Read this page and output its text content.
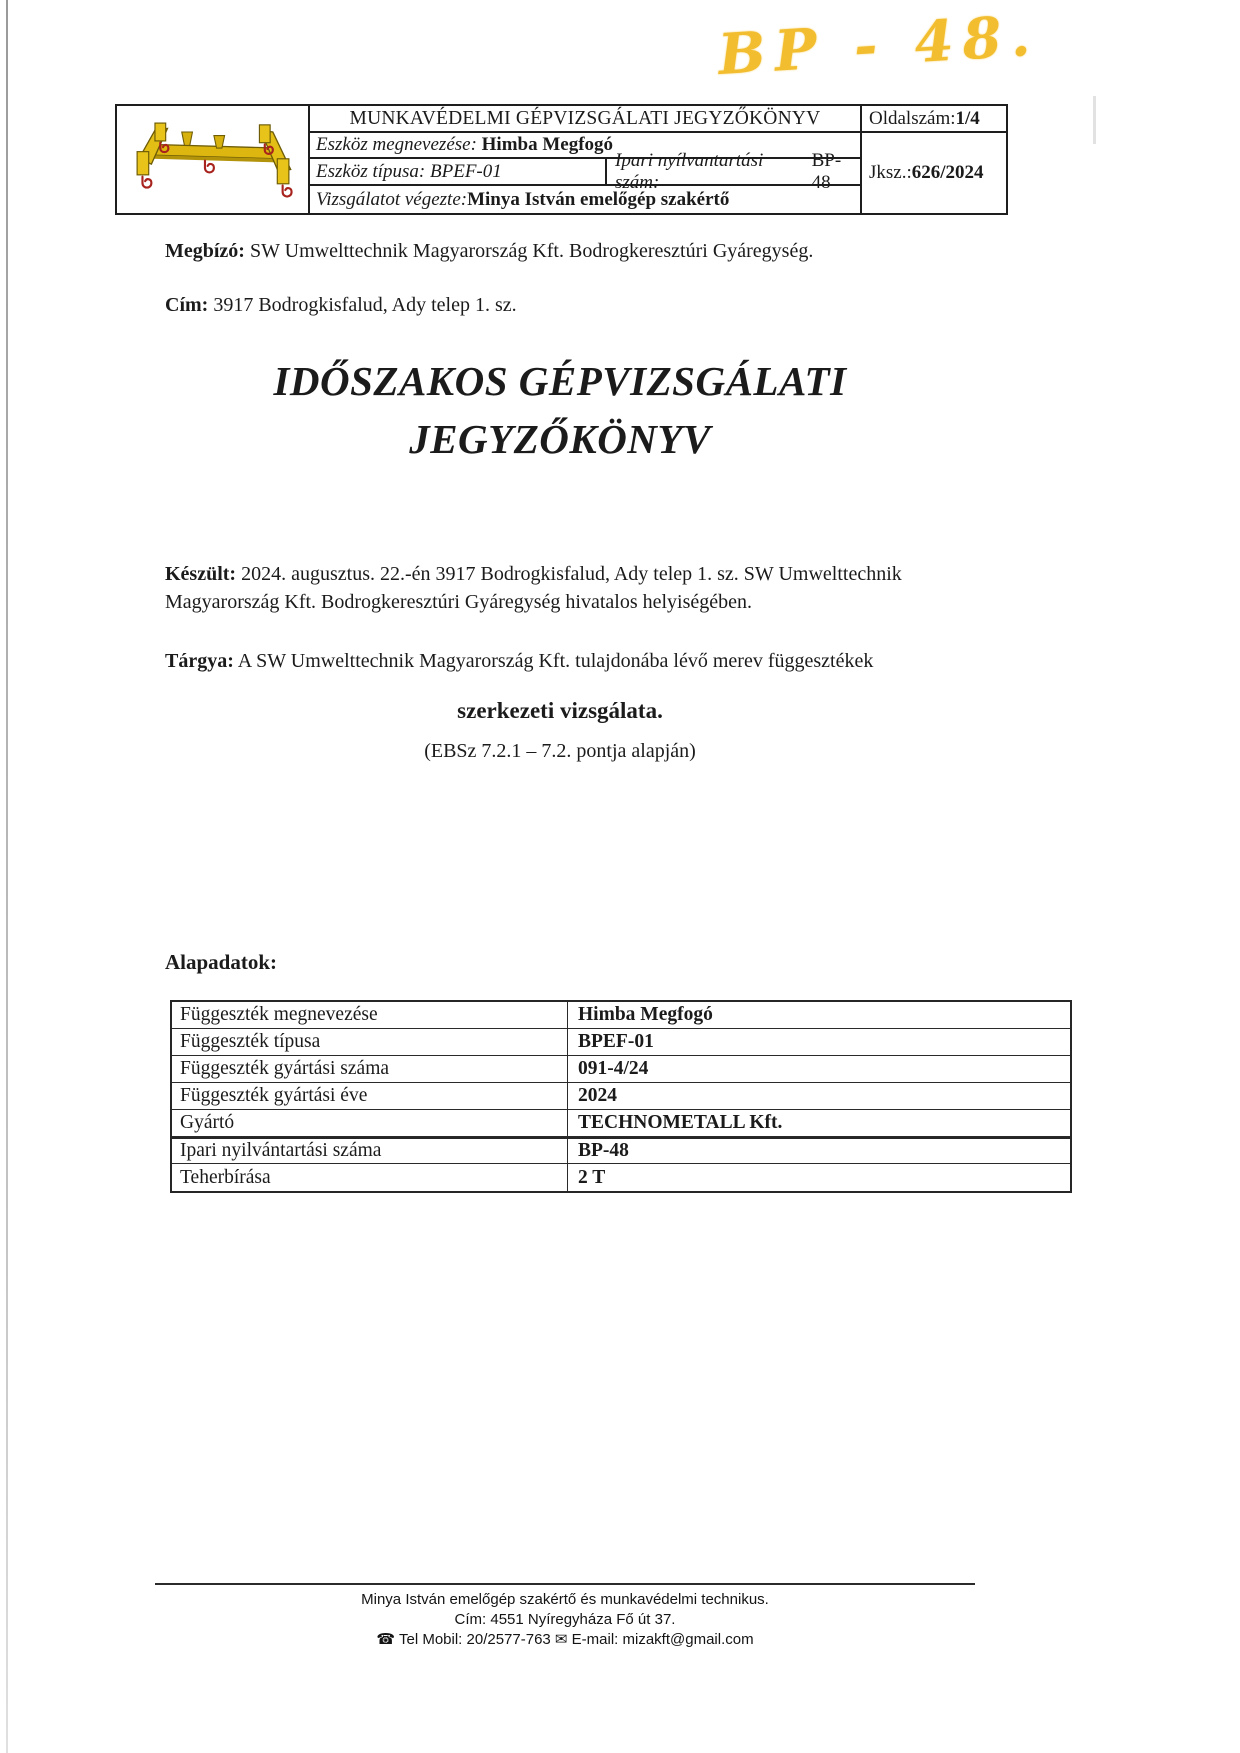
BP - 48.
MUNKAVÉDELMI GÉPVIZSGÁLATI JEGYZŐKÖNYV
Eszköz megnevezése:
Himba Megfogó
Eszköz típusa:
BPEF-01
Ipari nyílvantartási szám:
BP-48
Vizsgálatot végezte: Minya István emelőgép szakértő
Oldalszám: 1/4
Jksz.: 626/2024
Megbízó: SW Umwelttechnik Magyarország Kft. Bodrogkeresztúri Gyáregység.
Cím: 3917 Bodrogkisfalud, Ady telep 1. sz.
IDŐSZAKOS GÉPVIZSGÁLATI
JEGYZŐKÖNYV
Készült: 2024. augusztus. 22.-én 3917 Bodrogkisfalud, Ady telep 1. sz. SW Umwelttechnik Magyarország Kft. Bodrogkeresztúri Gyáregység hivatalos helyiségében.
Tárgya: A SW Umwelttechnik Magyarország Kft. tulajdonába lévő merev függesztékek
szerkezeti vizsgálata.
(EBSz 7.2.1 – 7.2. pontja alapján)
Alapadatok:
Függeszték megnevezése	Himba Megfogó
Függeszték típusa	BPEF-01
Függeszték gyártási száma	091-4/24
Függeszték gyártási éve	2024
Gyártó	TECHNOMETALL Kft.
Ipari nyilvántartási száma	BP-48
Teherbírása	2 T
Minya István emelőgép szakértő és munkavédelmi technikus.
Cím: 4551 Nyíregyháza Fő út 37.
☎ Tel Mobil: 20/2577-763 ✉ E-mail: mizakft@gmail.com
